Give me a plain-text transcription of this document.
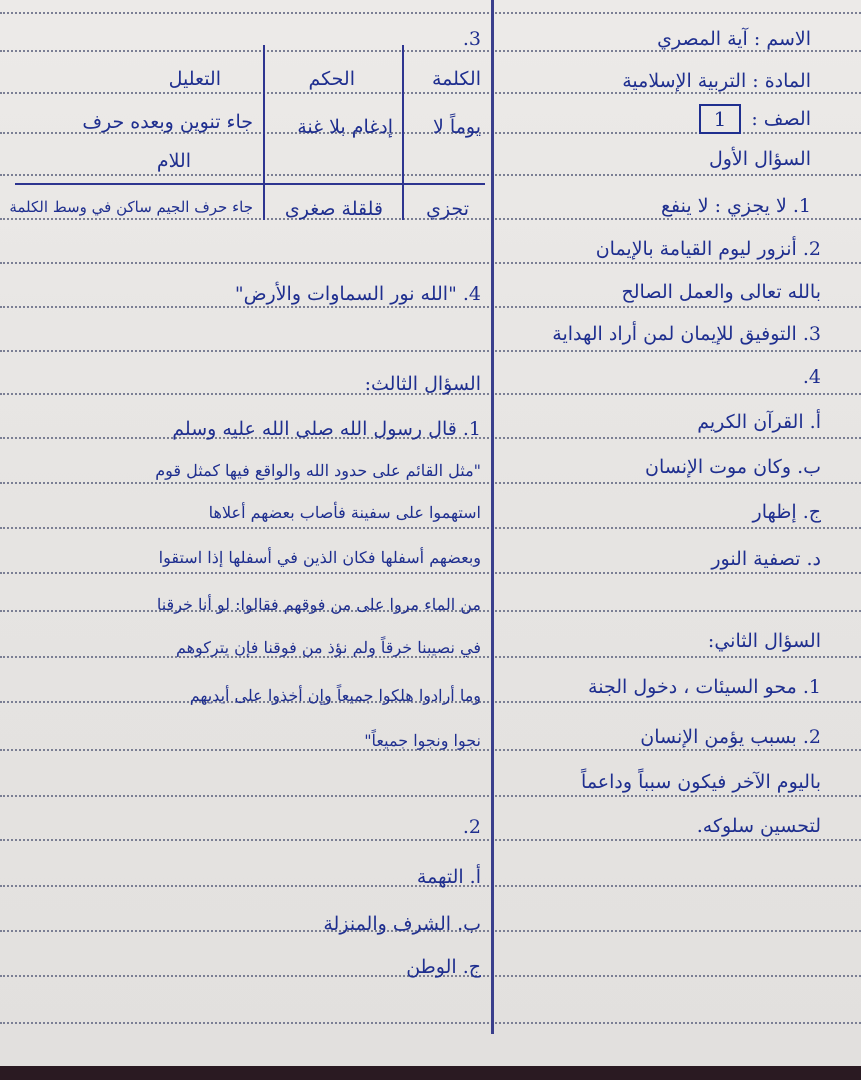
الاسم : آية المصري
المادة : التربية الإسلامية
الصف :
1
السؤال الأول
1. لا يجزي : لا ينفع
2. أنزور ليوم القيامة بالإيمان
بالله تعالى والعمل الصالح
3. التوفيق للإيمان لمن أراد الهداية
4.
أ. القرآن الكريم
ب. وكان موت الإنسان
ج. إظهار
د. تصفية النور
السؤال الثاني:
1. محو السيئات ، دخول الجنة
2. بسبب يؤمن الإنسان
باليوم الآخر فيكون سبباً وداعماً
لتحسين سلوكه.
3.
الكلمة
الحكم
التعليل
يوماً لا
إدغام بلا غنة
جاء تنوين وبعده حرف
اللام
تجزي
قلقلة صغرى
جاء حرف الجيم ساكن في وسط الكلمة
4. "الله نور السماوات والأرض"
السؤال الثالث:
1. قال رسول الله صلى الله عليه وسلم
"مثل القائم على حدود الله والواقع فيها كمثل قوم
استهموا على سفينة فأصاب بعضهم أعلاها
وبعضهم أسفلها فكان الذين في أسفلها إذا استقوا
من الماء مروا على من فوقهم فقالوا: لو أنا خرقنا
في نصيبنا خرقاً ولم نؤذ من فوقنا فإن يتركوهم
وما أرادوا هلكوا جميعاً وإن أخذوا على أيديهم
نجوا ونجوا جميعاً"
2.
أ. التهمة
ب. الشرف والمنزلة
ج. الوطن
